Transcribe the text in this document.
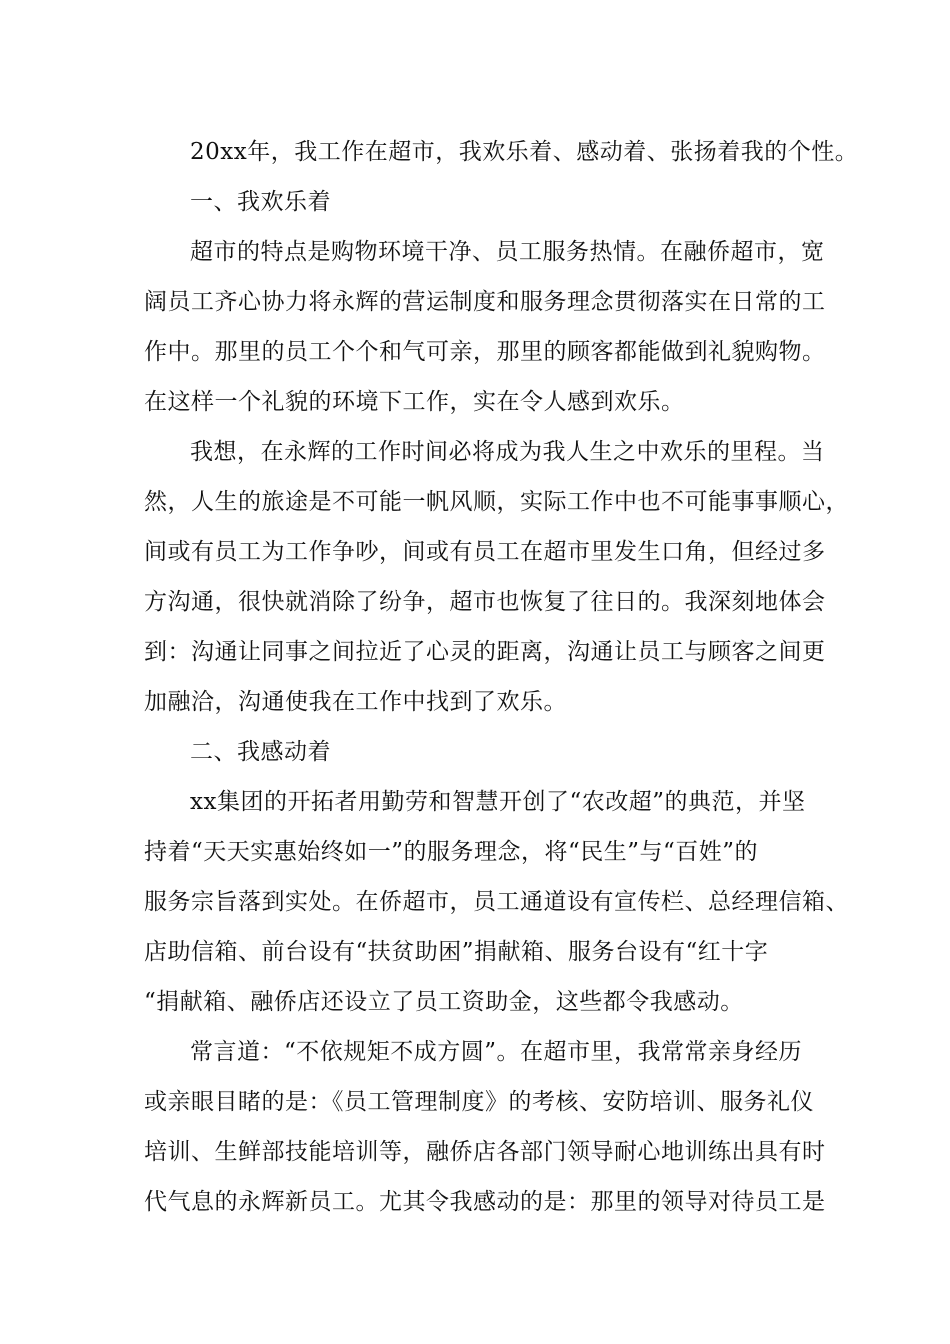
20xx年，我工作在超市，我欢乐着、感动着、张扬着我的个性。
一、我欢乐着
超市的特点是购物环境干净、员工服务热情。在融侨超市，宽
阔员工齐心协力将永辉的营运制度和服务理念贯彻落实在日常的工
作中。那里的员工个个和气可亲，那里的顾客都能做到礼貌购物。
在这样一个礼貌的环境下工作，实在令人感到欢乐。
我想，在永辉的工作时间必将成为我人生之中欢乐的里程。当
然，人生的旅途是不可能一帆风顺，实际工作中也不可能事事顺心，
间或有员工为工作争吵，间或有员工在超市里发生口角，但经过多
方沟通，很快就消除了纷争，超市也恢复了往日的。我深刻地体会
到：沟通让同事之间拉近了心灵的距离，沟通让员工与顾客之间更
加融洽，沟通使我在工作中找到了欢乐。
二、我感动着
xx集团的开拓者用勤劳和智慧开创了“农改超”的典范，并坚
持着“天天实惠始终如一”的服务理念，将“民生”与“百姓”的
服务宗旨落到实处。在侨超市，员工通道设有宣传栏、总经理信箱、
店助信箱、前台设有“扶贫助困”捐献箱、服务台设有“红十字
“捐献箱、融侨店还设立了员工资助金，这些都令我感动。
常言道：“不依规矩不成方圆”。在超市里，我常常亲身经历
或亲眼目睹的是：《员工管理制度》的考核、安防培训、服务礼仪
培训、生鲜部技能培训等，融侨店各部门领导耐心地训练出具有时
代气息的永辉新员工。尤其令我感动的是：那里的领导对待员工是
